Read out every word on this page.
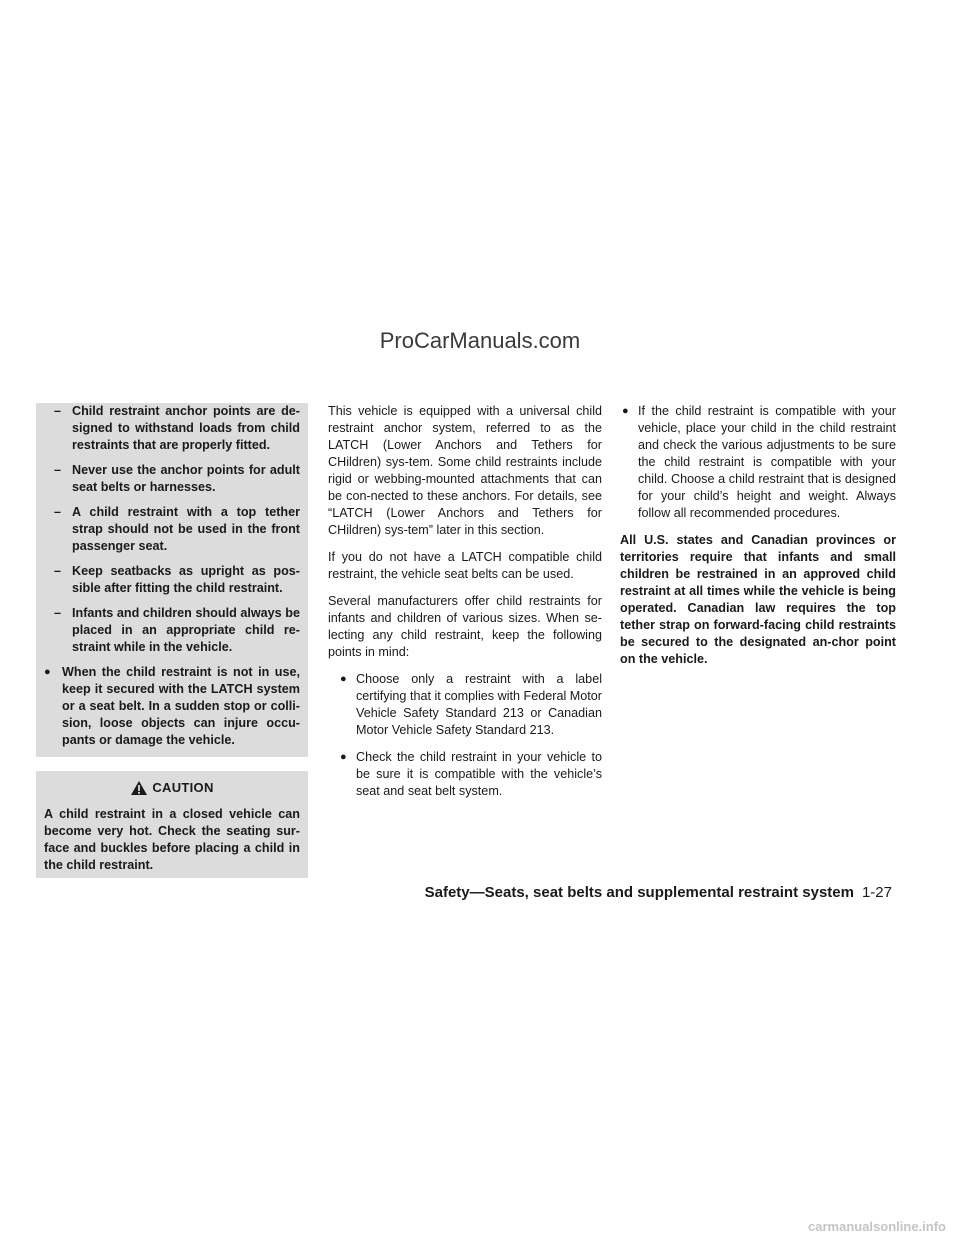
ProCarManuals.com
– Child restraint anchor points are de-signed to withstand loads from child restraints that are properly fitted.

– Never use the anchor points for adult seat belts or harnesses.

– A child restraint with a top tether strap should not be used in the front passenger seat.

– Keep seatbacks as upright as pos-sible after fitting the child restraint.

– Infants and children should always be placed in an appropriate child re-straint while in the vehicle.

● When the child restraint is not in use, keep it secured with the LATCH system or a seat belt. In a sudden stop or colli-sion, loose objects can injure occu-pants or damage the vehicle.

CAUTION

A child restraint in a closed vehicle can become very hot. Check the seating sur-face and buckles before placing a child in the child restraint.

This vehicle is equipped with a universal child restraint anchor system, referred to as the LATCH (Lower Anchors and Tethers for CHildren) sys-tem. Some child restraints include rigid or webbing-mounted attachments that can be con-nected to these anchors. For details, see “LATCH (Lower Anchors and Tethers for CHildren) sys-tem” later in this section.

If you do not have a LATCH compatible child restraint, the vehicle seat belts can be used.

Several manufacturers offer child restraints for infants and children of various sizes. When se-lecting any child restraint, keep the following points in mind:

● Choose only a restraint with a label certifying that it complies with Federal Motor Vehicle Safety Standard 213 or Canadian Motor Vehicle Safety Standard 213.

● Check the child restraint in your vehicle to be sure it is compatible with the vehicle’s seat and seat belt system.

● If the child restraint is compatible with your vehicle, place your child in the child restraint and check the various adjustments to be sure the child restraint is compatible with your child. Choose a child restraint that is designed for your child’s height and weight. Always follow all recommended procedures.

All U.S. states and Canadian provinces or territories require that infants and small children be restrained in an approved child restraint at all times while the vehicle is being operated. Canadian law requires the top tether strap on forward-facing child restraints be secured to the designated an-chor point on the vehicle.

Safety—Seats, seat belts and supplemental restraint system 1-27
carmanualsonline.info
